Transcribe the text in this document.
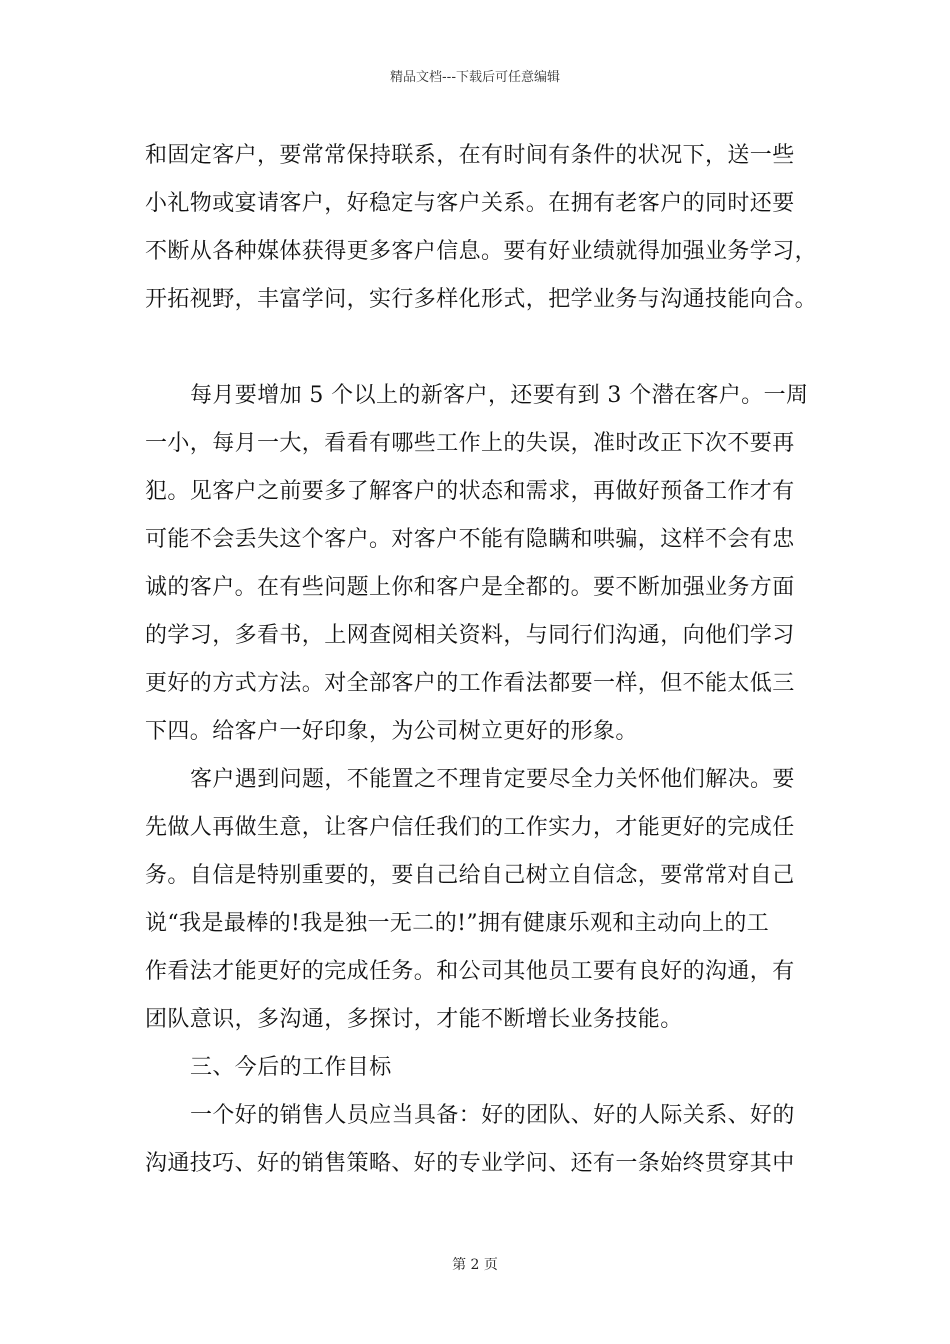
精品文档---下载后可任意编辑
和固定客户，要常常保持联系，在有时间有条件的状况下，送一些
小礼物或宴请客户，好稳定与客户关系。在拥有老客户的同时还要
不断从各种媒体获得更多客户信息。要有好业绩就得加强业务学习，
开拓视野，丰富学问，实行多样化形式，把学业务与沟通技能向合。
每月要增加 5 个以上的新客户，还要有到 3 个潜在客户。一周
一小，每月一大，看看有哪些工作上的失误，准时改正下次不要再
犯。见客户之前要多了解客户的状态和需求，再做好预备工作才有
可能不会丢失这个客户。对客户不能有隐瞒和哄骗，这样不会有忠
诚的客户。在有些问题上你和客户是全都的。要不断加强业务方面
的学习，多看书，上网查阅相关资料，与同行们沟通，向他们学习
更好的方式方法。对全部客户的工作看法都要一样，但不能太低三
下四。给客户一好印象，为公司树立更好的形象。
客户遇到问题，不能置之不理肯定要尽全力关怀他们解决。要
先做人再做生意，让客户信任我们的工作实力，才能更好的完成任
务。自信是特别重要的，要自己给自己树立自信念，要常常对自己
说“我是最棒的!我是独一无二的!”拥有健康乐观和主动向上的工
作看法才能更好的完成任务。和公司其他员工要有良好的沟通，有
团队意识，多沟通，多探讨，才能不断增长业务技能。
三、今后的工作目标
一个好的销售人员应当具备：好的团队、好的人际关系、好的
沟通技巧、好的销售策略、好的专业学问、还有一条始终贯穿其中
第 2 页
